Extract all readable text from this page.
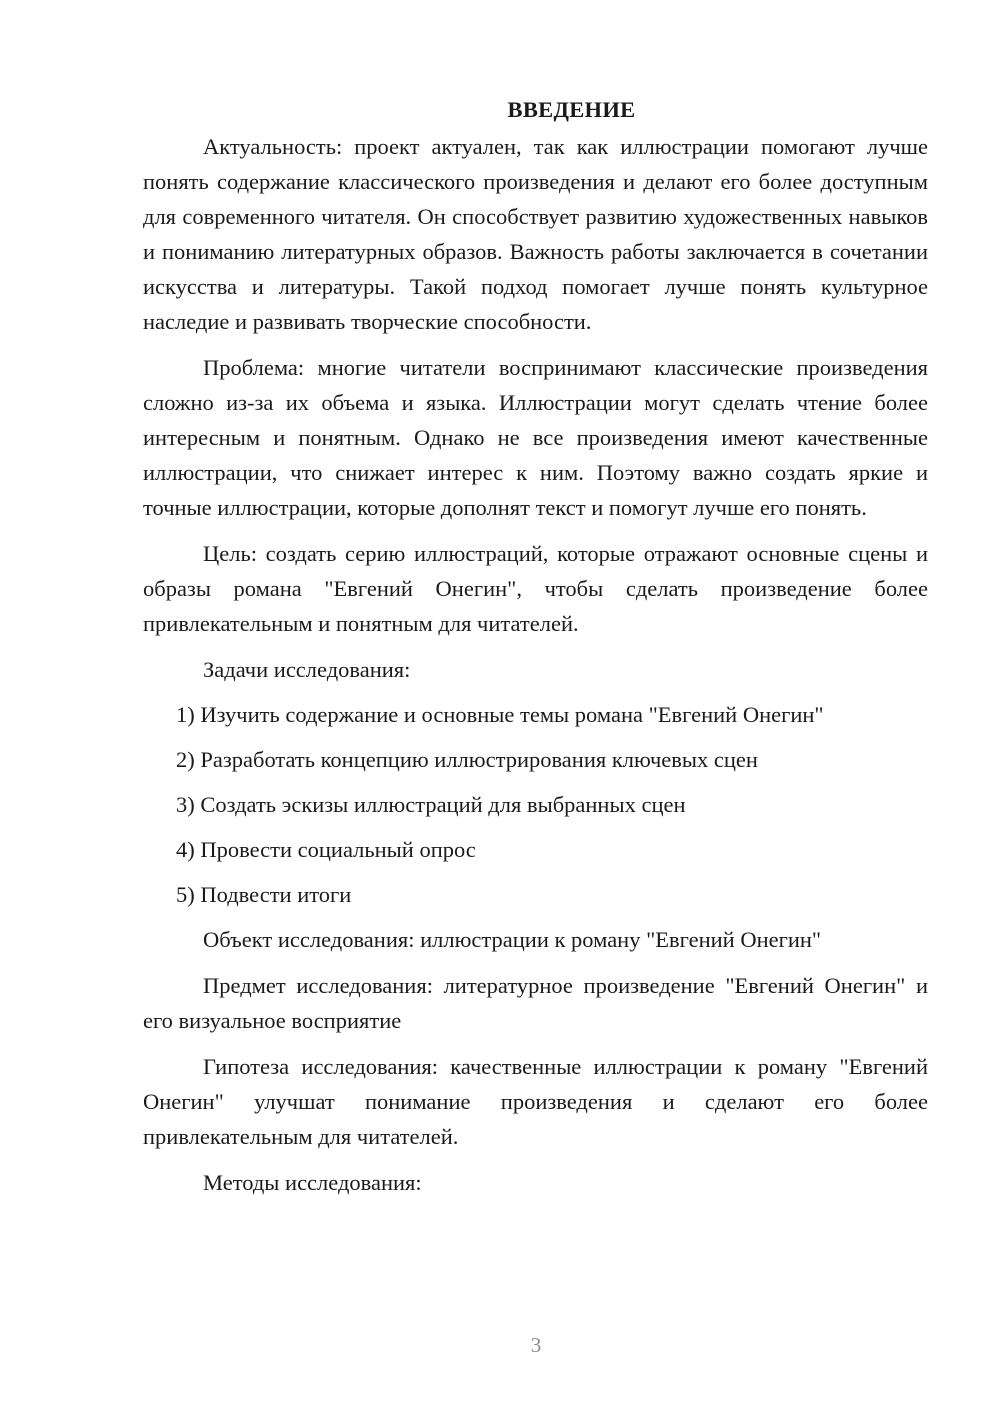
ВВЕДЕНИЕ

Актуальность: проект актуален, так как иллюстрации помогают лучше понять содержание классического произведения и делают его более доступным для современного читателя. Он способствует развитию художественных навыков и пониманию литературных образов. Важность работы заключается в сочетании искусства и литературы. Такой подход помогает лучше понять культурное наследие и развивать творческие способности.

Проблема: многие читатели воспринимают классические произведения сложно из-за их объема и языка. Иллюстрации могут сделать чтение более интересным и понятным. Однако не все произведения имеют качественные иллюстрации, что снижает интерес к ним. Поэтому важно создать яркие и точные иллюстрации, которые дополнят текст и помогут лучше его понять.

Цель: создать серию иллюстраций, которые отражают основные сцены и образы романа "Евгений Онегин", чтобы сделать произведение более привлекательным и понятным для читателей.

Задачи исследования:

1) Изучить содержание и основные темы романа "Евгений Онегин"

2) Разработать концепцию иллюстрирования ключевых сцен

3) Создать эскизы иллюстраций для выбранных сцен

4) Провести социальный опрос

5) Подвести итоги

Объект исследования: иллюстрации к роману "Евгений Онегин"

Предмет исследования: литературное произведение "Евгений Онегин" и его визуальное восприятие

Гипотеза исследования: качественные иллюстрации к роману "Евгений Онегин" улучшат понимание произведения и сделают его более привлекательным для читателей.

Методы исследования:

3
